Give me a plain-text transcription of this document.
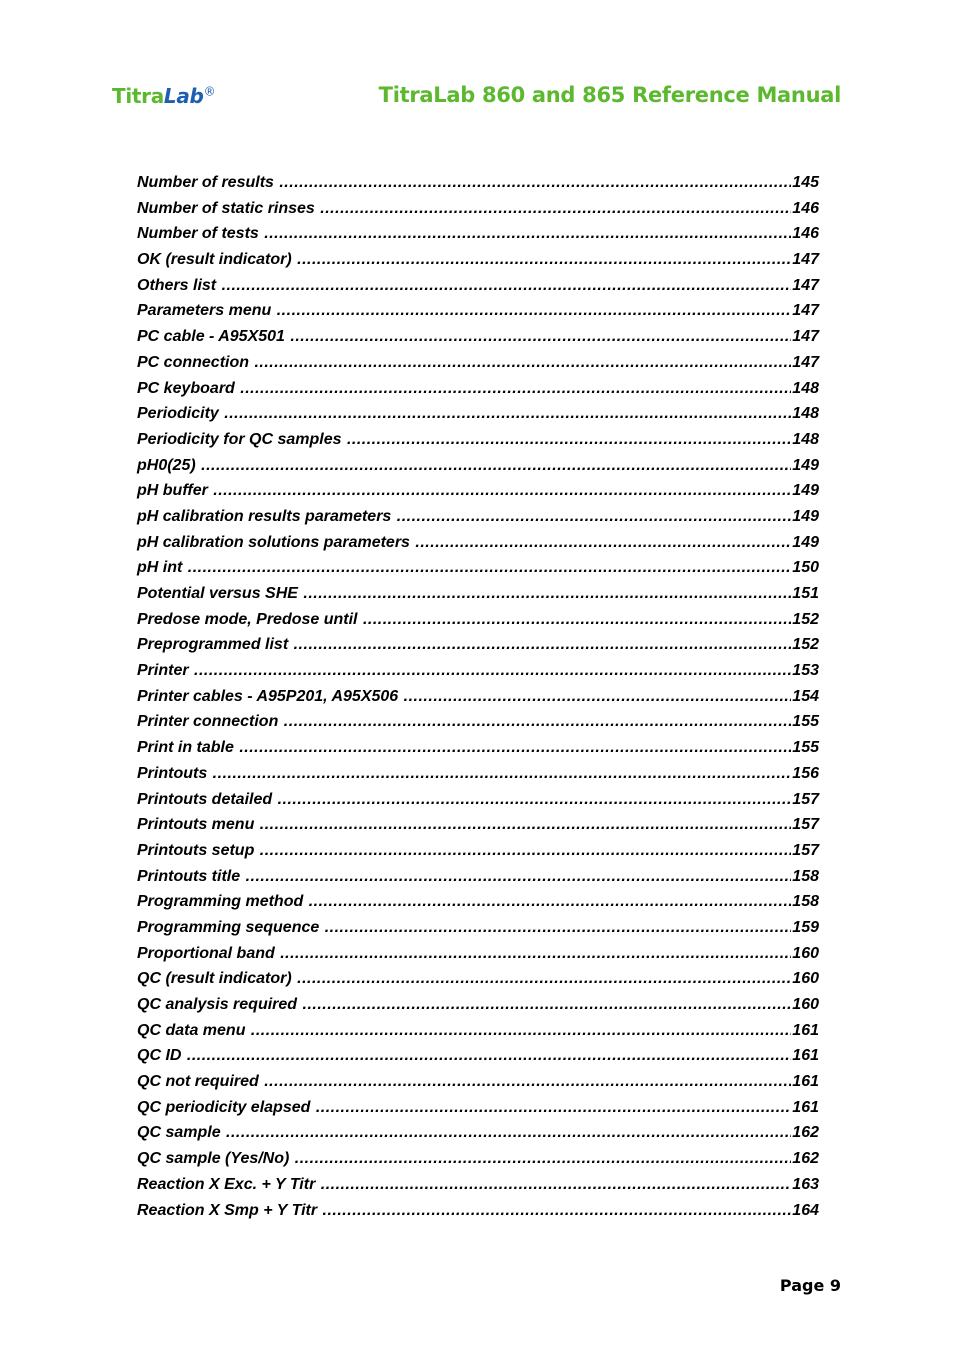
TitraLab®	TitraLab 860 and 865 Reference Manual
Number of results .....	145
Number of static rinses .....	146
Number of tests .....	146
OK (result indicator) .....	147
Others list .....	147
Parameters menu .....	147
PC cable - A95X501 .....	147
PC connection .....	147
PC keyboard .....	148
Periodicity .....	148
Periodicity for QC samples .....	148
pH0(25) .....	149
pH buffer .....	149
pH calibration results parameters .....	149
pH calibration solutions parameters .....	149
pH int .....	150
Potential versus SHE .....	151
Predose mode, Predose until .....	152
Preprogrammed list .....	152
Printer .....	153
Printer cables - A95P201, A95X506 .....	154
Printer connection .....	155
Print in table .....	155
Printouts .....	156
Printouts detailed .....	157
Printouts menu .....	157
Printouts setup .....	157
Printouts title .....	158
Programming method .....	158
Programming sequence .....	159
Proportional band .....	160
QC (result indicator) .....	160
QC analysis required .....	160
QC data menu .....	161
QC ID .....	161
QC not required .....	161
QC periodicity elapsed .....	161
QC sample .....	162
QC sample (Yes/No) .....	162
Reaction X Exc. + Y Titr .....	163
Reaction X Smp + Y Titr .....	164
Page 9
